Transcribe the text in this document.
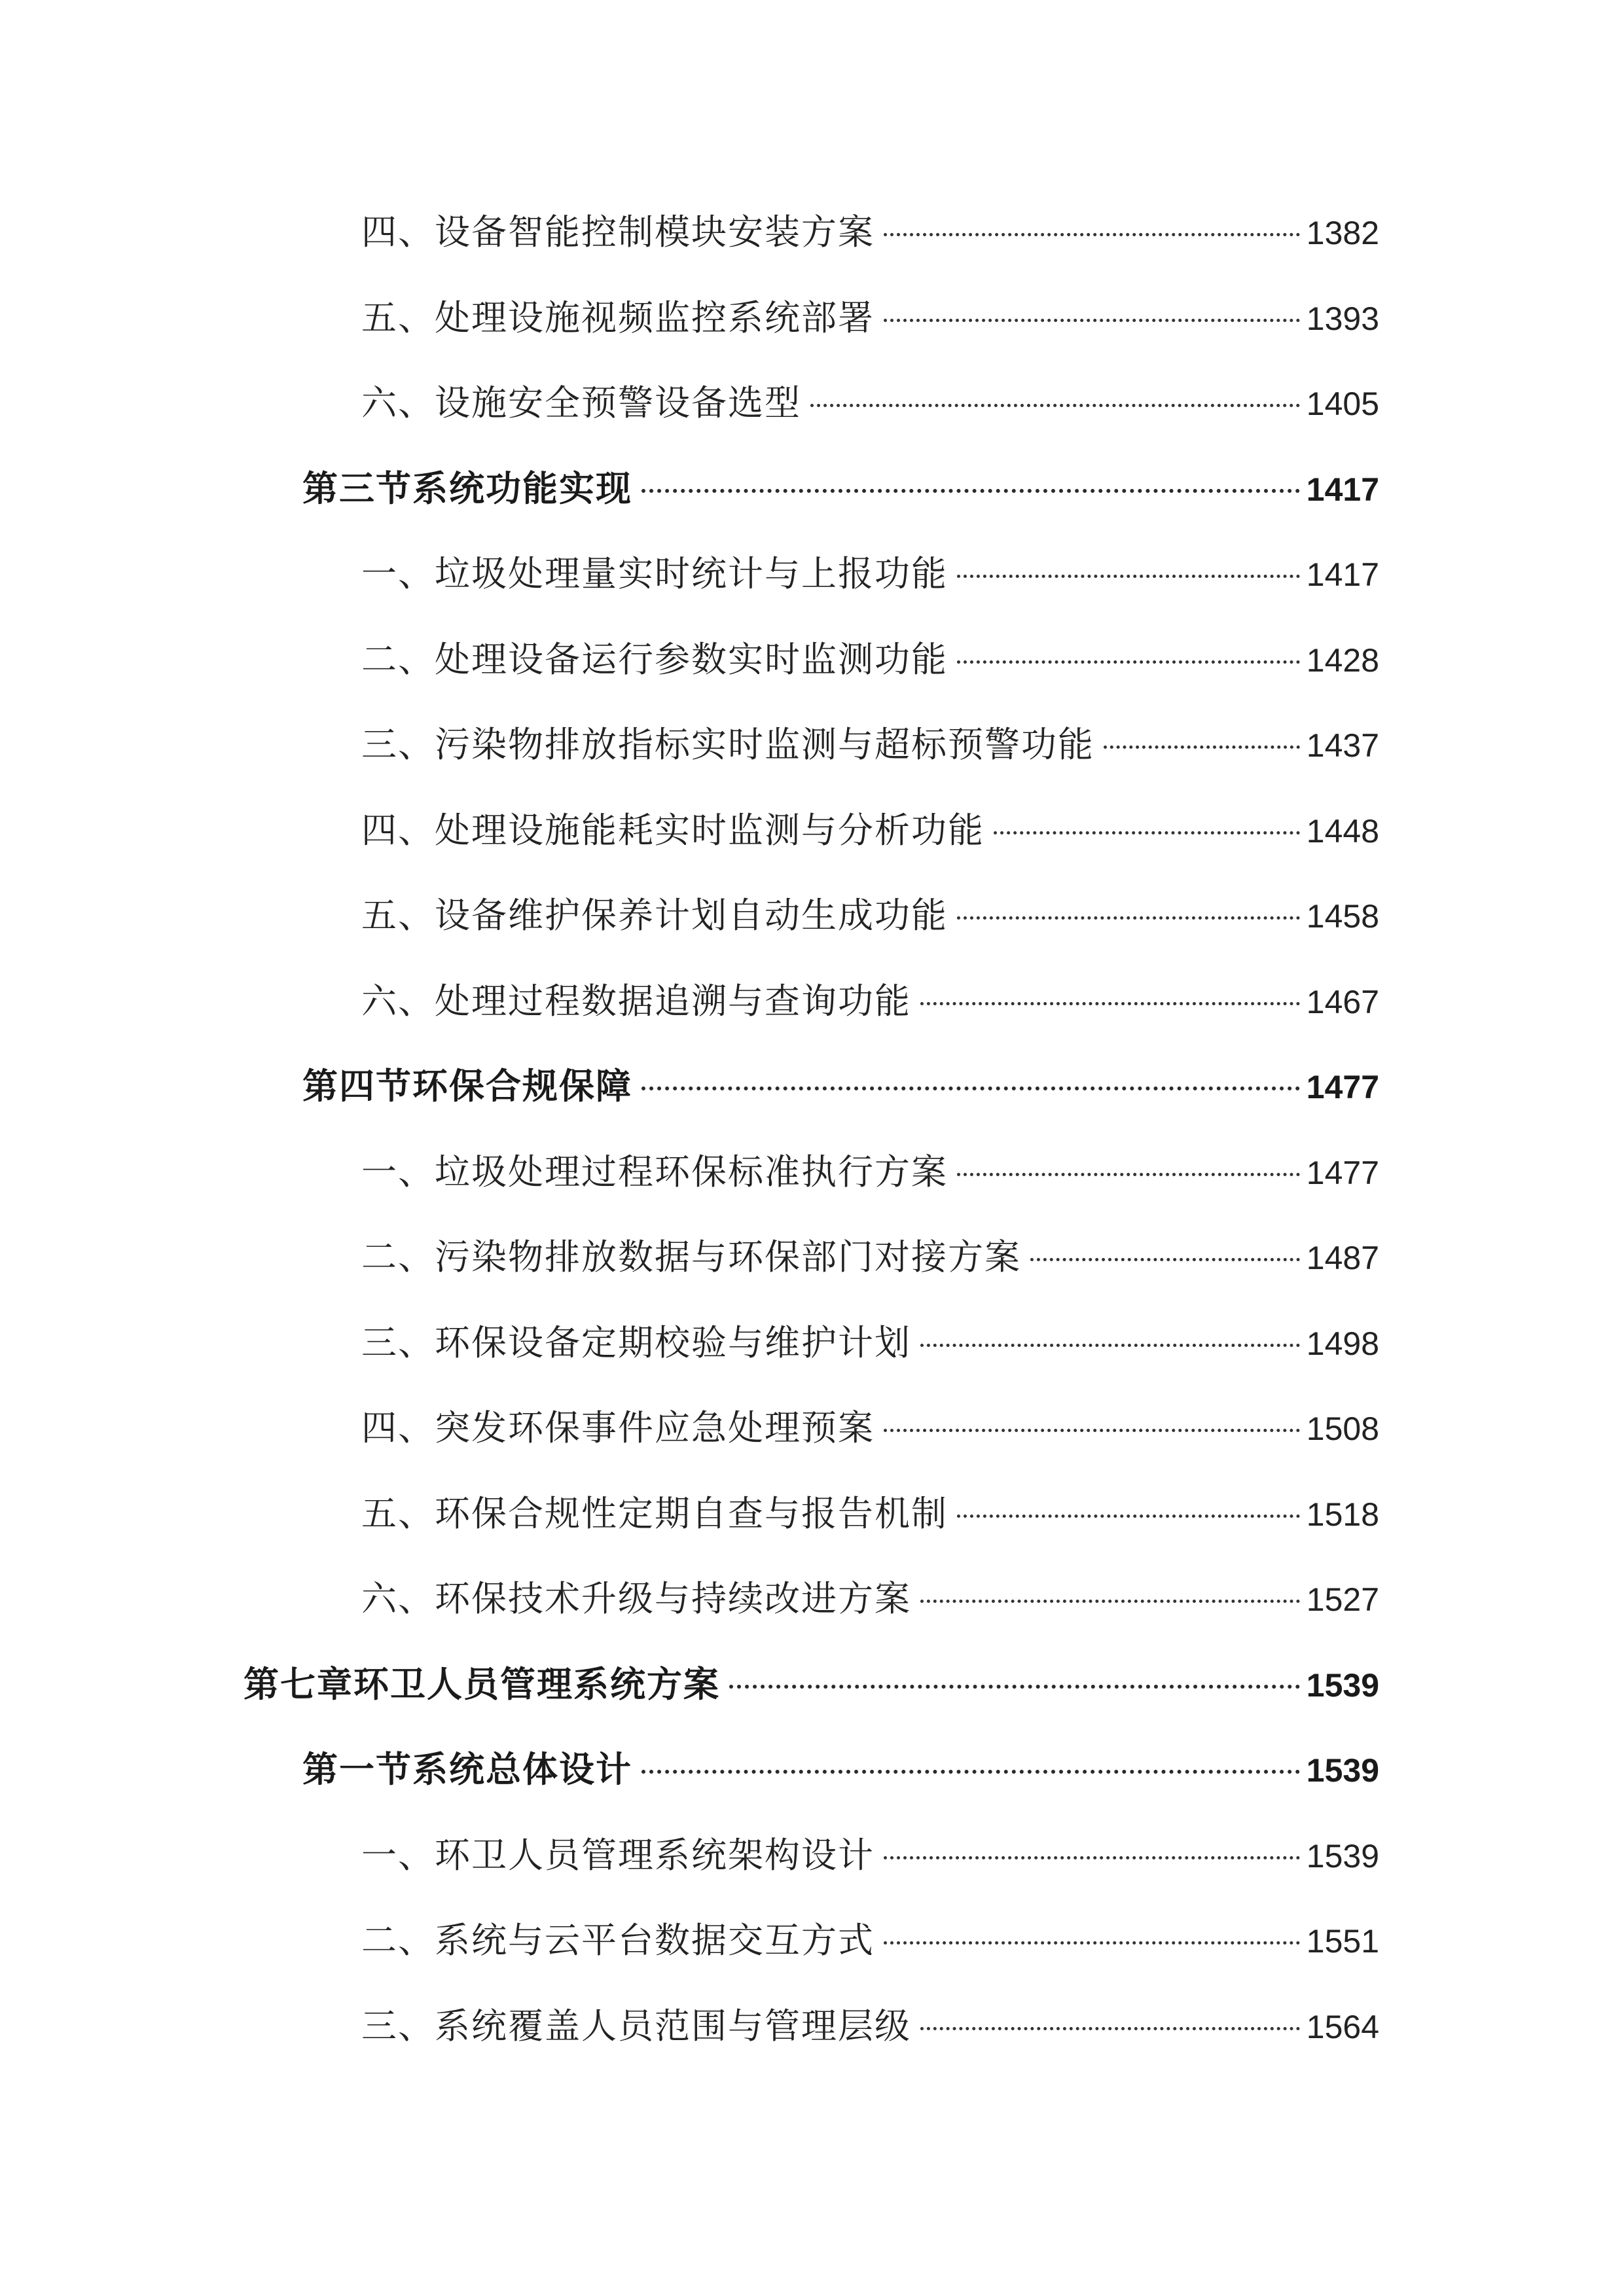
四、设备智能控制模块安装方案	1382
五、处理设施视频监控系统部署	1393
六、设施安全预警设备选型	1405
第三节系统功能实现	1417
一、垃圾处理量实时统计与上报功能	1417
二、处理设备运行参数实时监测功能	1428
三、污染物排放指标实时监测与超标预警功能	1437
四、处理设施能耗实时监测与分析功能	1448
五、设备维护保养计划自动生成功能	1458
六、处理过程数据追溯与查询功能	1467
第四节环保合规保障	1477
一、垃圾处理过程环保标准执行方案	1477
二、污染物排放数据与环保部门对接方案	1487
三、环保设备定期校验与维护计划	1498
四、突发环保事件应急处理预案	1508
五、环保合规性定期自查与报告机制	1518
六、环保技术升级与持续改进方案	1527
第七章环卫人员管理系统方案	1539
第一节系统总体设计	1539
一、环卫人员管理系统架构设计	1539
二、系统与云平台数据交互方式	1551
三、系统覆盖人员范围与管理层级	1564
